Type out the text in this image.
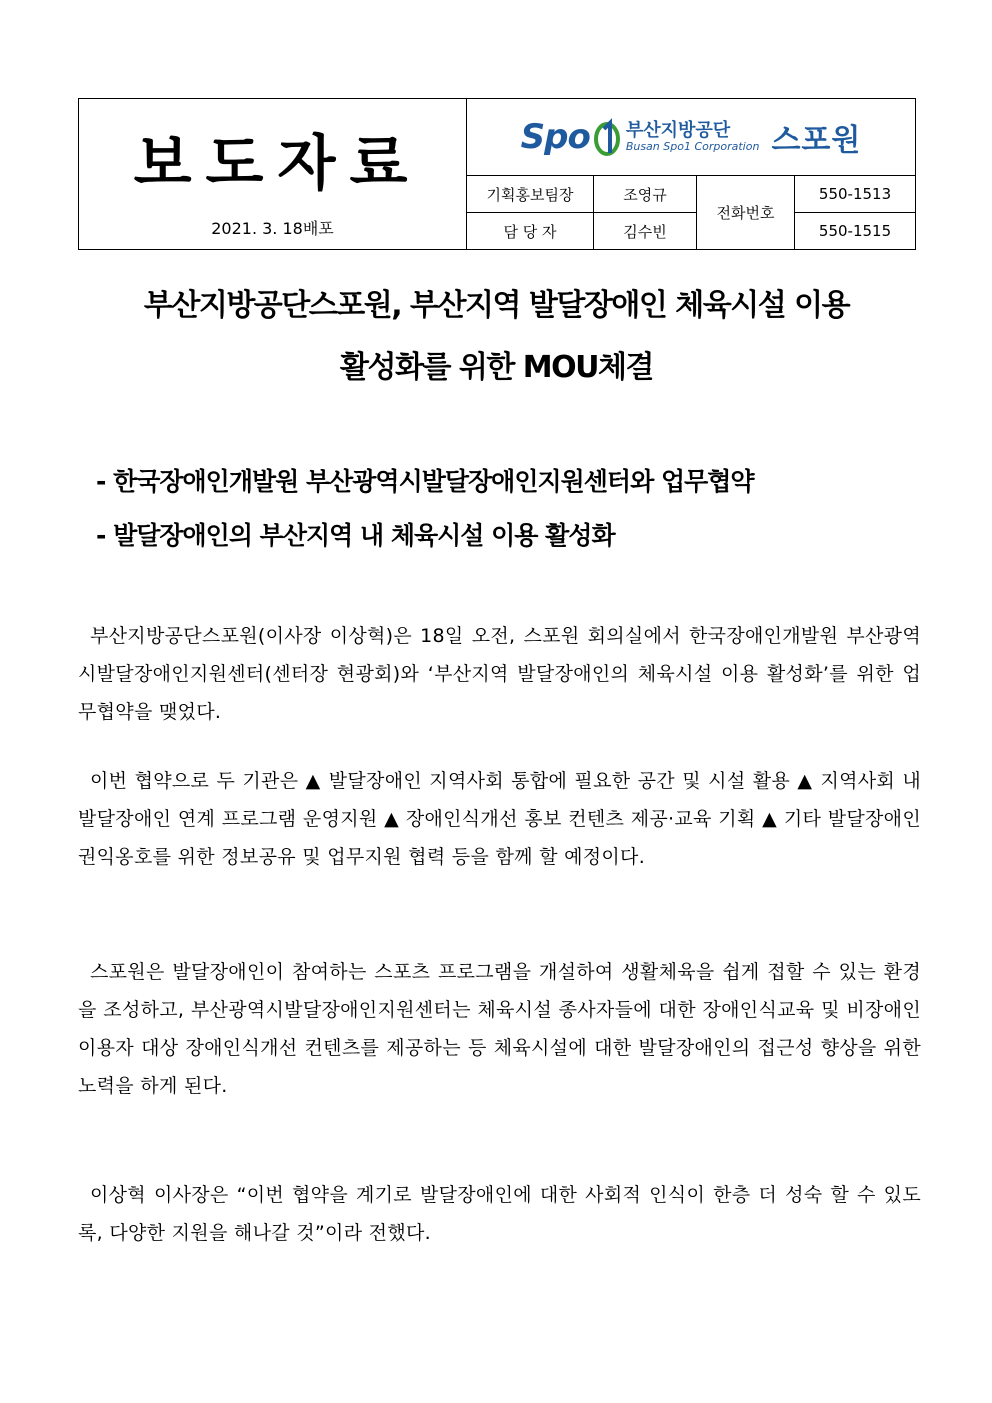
보도자료
2021. 3. 18배포	Spo 부산지방공단
Busan Spo1 Corporation 스포원			

	기획홍보팀장	조영규	전화번호	550-1513
	담 당 자	김수빈		550-1515
부산지방공단스포원, 부산지역 발달장애인 체육시설 이용
활성화를 위한 MOU체결
- 한국장애인개발원 부산광역시발달장애인지원센터와 업무협약
- 발달장애인의 부산지역 내 체육시설 이용 활성화

부산지방공단스포원(이사장 이상혁)은 18일 오전, 스포원 회의실에서 한국장애인개발원 부산광역시발달장애인지원센터(센터장 현광회)와 ‘부산지역 발달장애인의 체육시설 이용 활성화’를 위한 업무협약을 맺었다.

이번 협약으로 두 기관은 ▲ 발달장애인 지역사회 통합에 필요한 공간 및 시설 활용 ▲ 지역사회 내 발달장애인 연계 프로그램 운영지원 ▲ 장애인식개선 홍보 컨텐츠 제공·교육 기획 ▲ 기타 발달장애인 권익옹호를 위한 정보공유 및 업무지원 협력 등을 함께 할 예정이다.

스포원은 발달장애인이 참여하는 스포츠 프로그램을 개설하여 생활체육을 쉽게 접할 수 있는 환경을 조성하고, 부산광역시발달장애인지원센터는 체육시설 종사자들에 대한 장애인식교육 및 비장애인 이용자 대상 장애인식개선 컨텐츠를 제공하는 등 체육시설에 대한 발달장애인의 접근성 향상을 위한 노력을 하게 된다.

이상혁 이사장은 “이번 협약을 계기로 발달장애인에 대한 사회적 인식이 한층 더 성숙 할 수 있도록, 다양한 지원을 해나갈 것”이라 전했다.
